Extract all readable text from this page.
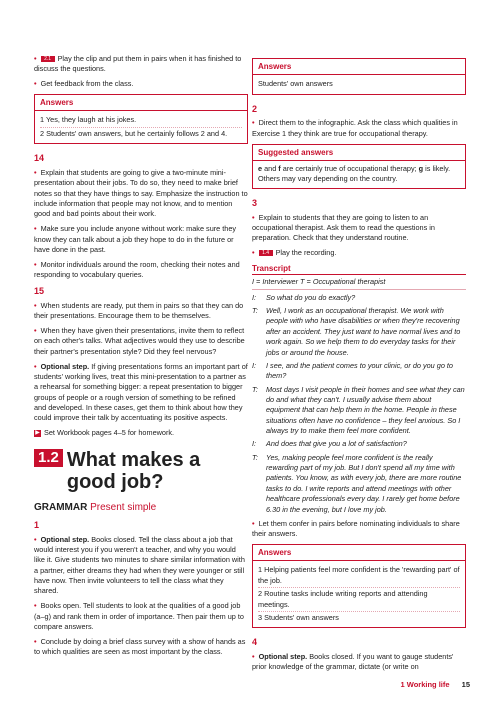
• 2.1 Play the clip and put them in pairs when it has finished to discuss the questions.

• Get feedback from the class.

Answers
1 Yes, they laugh at his jokes.
2 Students' own answers, but he certainly follows 2 and 4.
14

• Explain that students are going to give a two-minute mini-presentation about their jobs. To do so, they need to make brief notes so that they have things to say. Emphasize the instruction to include information that people may not know, and to mention good and bad points about their work.

• Make sure you include anyone without work: make sure they know they can talk about a job they hope to do in the future or have done in the past.

• Monitor individuals around the room, checking their notes and responding to vocabulary queries.

15

• When students are ready, put them in pairs so that they can do their presentations. Encourage them to be themselves.

• When they have given their presentations, invite them to reflect on each other's talks. What adjectives would they use to describe their partner's presentation style? Did they feel nervous?

• Optional step. If giving presentations forms an important part of students' working lives, treat this mini-presentation to a partner as a rehearsal for something bigger: a repeat presentation to bigger groups of people or a rough version of something to be refined and developed. In these cases, get them to think about how they could improve their talk by accentuating its positive aspects.

▶ Set Workbook pages 4–5 for homework.

1.2 What makes a good job?
GRAMMAR Present simple
1

• Optional step. Books closed. Tell the class about a job that would interest you if you weren't a teacher, and why you would like it. Give students two minutes to share similar information with a partner, either dreams they had when they were younger or still have now. Then invite volunteers to tell the class what they shared.

• Books open. Tell students to look at the qualities of a good job (a–g) and rank them in order of importance. Then pair them up to compare answers.

• Conclude by doing a brief class survey with a show of hands as to which qualities are seen as most important by the class.

Answers
Students' own answers
2

• Direct them to the infographic. Ask the class which qualities in Exercise 1 they think are true for occupational therapy.

Suggested answers
e and f are certainly true of occupational therapy; g is likely. Others may vary depending on the country.
3

• Explain to students that they are going to listen to an occupational therapist. Ask them to read the questions in preparation. Check that they understand routine.

• 1.4 Play the recording.

Transcript
I = Interviewer T = Occupational therapist
I:	So what do you do exactly?
T:	Well, I work as an occupational therapist. We work with people with who have disabilities or when they're recovering after an accident. They just want to have normal lives and to work again. So we help them to do everyday tasks for their jobs or around the house.
I:	I see, and the patient comes to your clinic, or do you go to them?
T:	Most days I visit people in their homes and see what they can do and what they can't. I usually advise them about equipment that can help them in the home. People in these situations often have no confidence – they feel anxious. So I always try to make them feel more confident.
I:	And does that give you a lot of satisfaction?
T:	Yes, making people feel more confident is the really rewarding part of my job. But I don't spend all my time with patients. You know, as with every job, there are more routine tasks to do. I write reports and attend meetings with other healthcare professionals every day. I rarely get home before 6.30 in the evening, but I love my job.

• Let them confer in pairs before nominating individuals to share their answers.

Answers
1 Helping patients feel more confident is the 'rewarding part' of the job.
2 Routine tasks include writing reports and attending meetings.
3 Students' own answers
4

• Optional step. Books closed. If you want to gauge students' prior knowledge of the grammar, dictate (or write on

1 Working life 15
